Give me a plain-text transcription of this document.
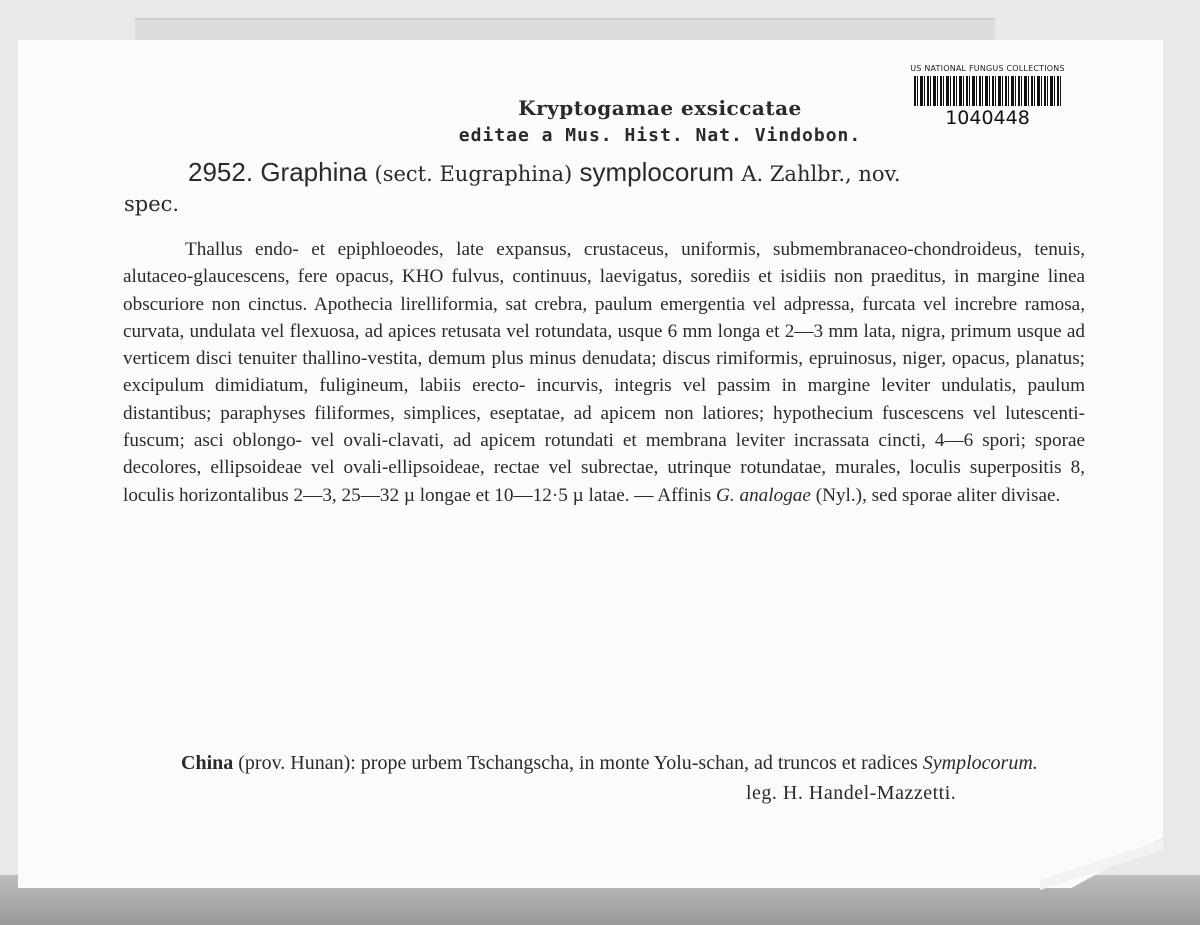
US NATIONAL FUNGUS COLLECTIONS
1040448
Kryptogamae exsiccatae
editae a Mus. Hist. Nat. Vindobon.
2952. Graphina (sect. Eugraphina) symplocorum A. Zahlbr., nov.
spec.
Thallus endo- et epiphloeodes, late expansus, crustaceus, uniformis, submembranaceo-chondroideus, tenuis, alutaceo-glaucescens, fere opacus, KHO fulvus, continuus, laevigatus, sorediis et isidiis non praeditus, in margine linea obscuriore non cinctus. Apothecia lirelliformia, sat crebra, paulum emergentia vel adpressa, furcata vel increbre ramosa, curvata, undulata vel flexuosa, ad apices retusata vel rotundata, usque 6 mm longa et 2—3 mm lata, nigra, primum usque ad verticem disci tenuiter thallino-vestita, demum plus minus denudata; discus rimiformis, epruinosus, niger, opacus, planatus; excipulum dimidiatum, fuligineum, labiis erecto- incurvis, integris vel passim in margine leviter undulatis, paulum distantibus; paraphyses filiformes, simplices, eseptatae, ad apicem non latiores; hypothecium fuscescens vel lutescenti-fuscum; asci oblongo- vel ovali-clavati, ad apicem rotundati et membrana leviter incrassata cincti, 4—6 spori; sporae decolores, ellipsoideae vel ovali-ellipsoideae, rectae vel subrectae, utrinque rotundatae, murales, loculis superpositis 8, loculis horizontalibus 2—3, 25—32 µ longae et 10—12·5 µ latae. — Affinis G. analogae (Nyl.), sed sporae aliter divisae.
China (prov. Hunan): prope urbem Tschangscha, in monte Yolu-schan, ad truncos et radices Symplocorum.
leg. H. Handel-Mazzetti.
